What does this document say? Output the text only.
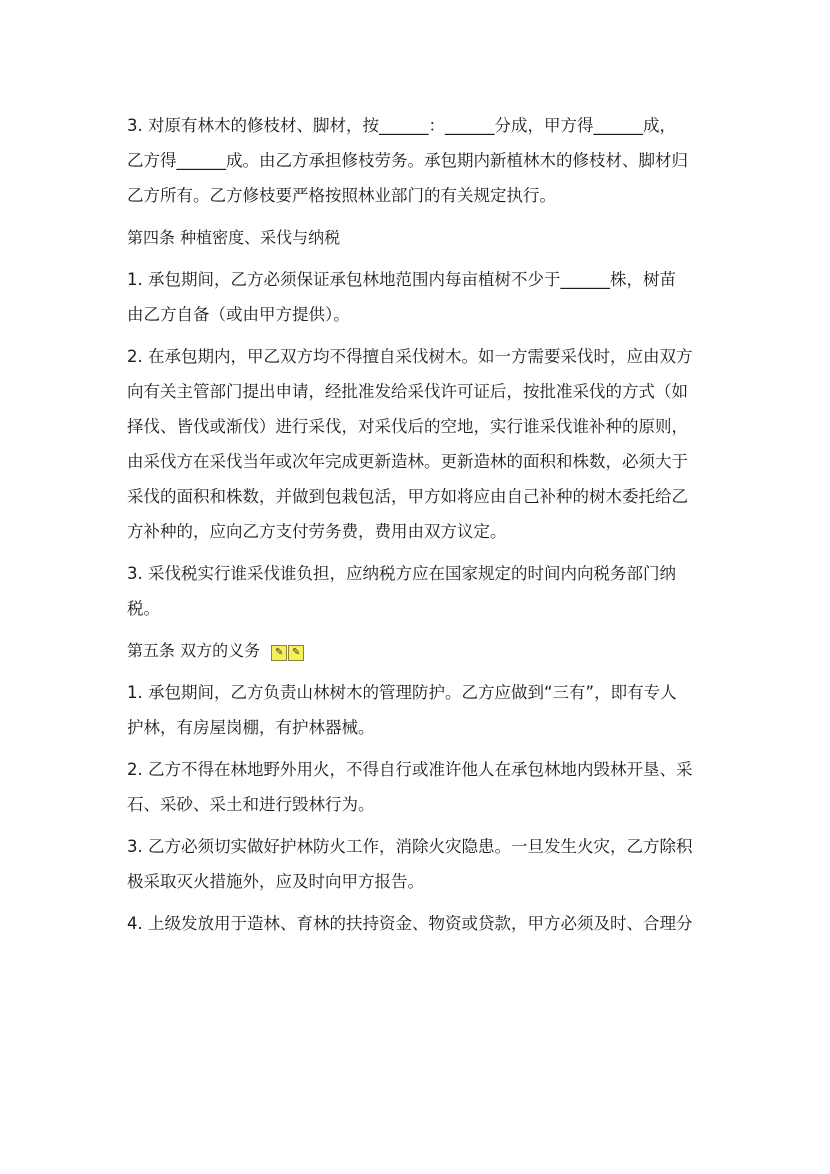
3. 对原有林木的修枝材、脚材，按______：______分成，甲方得______成，
乙方得______成。由乙方承担修枝劳务。承包期内新植林木的修枝材、脚材归
乙方所有。乙方修枝要严格按照林业部门的有关规定执行。
第四条 种植密度、采伐与纳税
1. 承包期间，乙方必须保证承包林地范围内每亩植树不少于______株，树苗
由乙方自备（或由甲方提供）。
2. 在承包期内，甲乙双方均不得擅自采伐树木。如一方需要采伐时，应由双方
向有关主管部门提出申请，经批准发给采伐许可证后，按批准采伐的方式（如
择伐、皆伐或渐伐）进行采伐，对采伐后的空地，实行谁采伐谁补种的原则，
由采伐方在采伐当年或次年完成更新造林。更新造林的面积和株数，必须大于
采伐的面积和株数，并做到包栽包活，甲方如将应由自己补种的树木委托给乙
方补种的，应向乙方支付劳务费，费用由双方议定。
3. 采伐税实行谁采伐谁负担，应纳税方应在国家规定的时间内向税务部门纳
税。
第五条 双方的义务 ✎ ✎
1. 承包期间，乙方负责山林树木的管理防护。乙方应做到“三有”，即有专人
护林，有房屋岗棚，有护林器械。
2. 乙方不得在林地野外用火，不得自行或准许他人在承包林地内毁林开垦、采
石、采砂、采土和进行毁林行为。
3. 乙方必须切实做好护林防火工作，消除火灾隐患。一旦发生火灾，乙方除积
极采取灭火措施外，应及时向甲方报告。
4. 上级发放用于造林、育林的扶持资金、物资或贷款，甲方必须及时、合理分
